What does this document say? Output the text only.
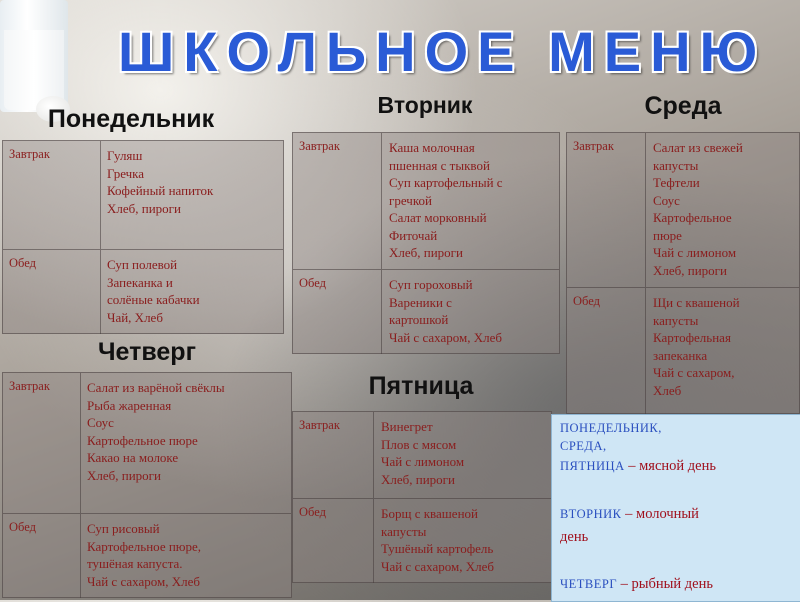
ШКОЛЬНОЕ МЕНЮ
Понедельник

Завтрак	Гуляш
Гречка
Кофейный напиток
Хлеб, пироги

Обед	Суп полевой
Запеканка и
солёные кабачки
Чай, Хлеб
Вторник

Завтрак	Каша молочная
пшенная с тыквой
Суп картофельный с
гречкой
Салат морковный
Фиточай
Хлеб, пироги

Обед	Суп гороховый
Вареники с
картошкой
Чай с сахаром, Хлеб
Среда

Завтрак	Салат из свежей
капусты
Тефтели
Соус
Картофельное
пюре
Чай с лимоном
Хлеб, пироги

Обед	Щи с квашеной
капусты
Картофельная
запеканка
Чай с сахаром,
Хлеб
Четверг

Завтрак	Салат из варёной свёклы
Рыба жаренная
Соус
Картофельное пюре
Какао на молоке
Хлеб, пироги

Обед	Суп рисовый
Картофельное пюре,
тушёная капуста.
Чай с сахаром, Хлеб
Пятница

Завтрак	Винегрет
Плов с мясом
Чай с лимоном
Хлеб, пироги

Обед	Борщ с квашеной
капусты
Тушёный картофель
Чай с сахаром, Хлеб

ПОНЕДЕЛЬНИК,

СРЕДА,

ПЯТНИЦА – мясной день

ВТОРНИК – молочный

день

ЧЕТВЕРГ – рыбный день
